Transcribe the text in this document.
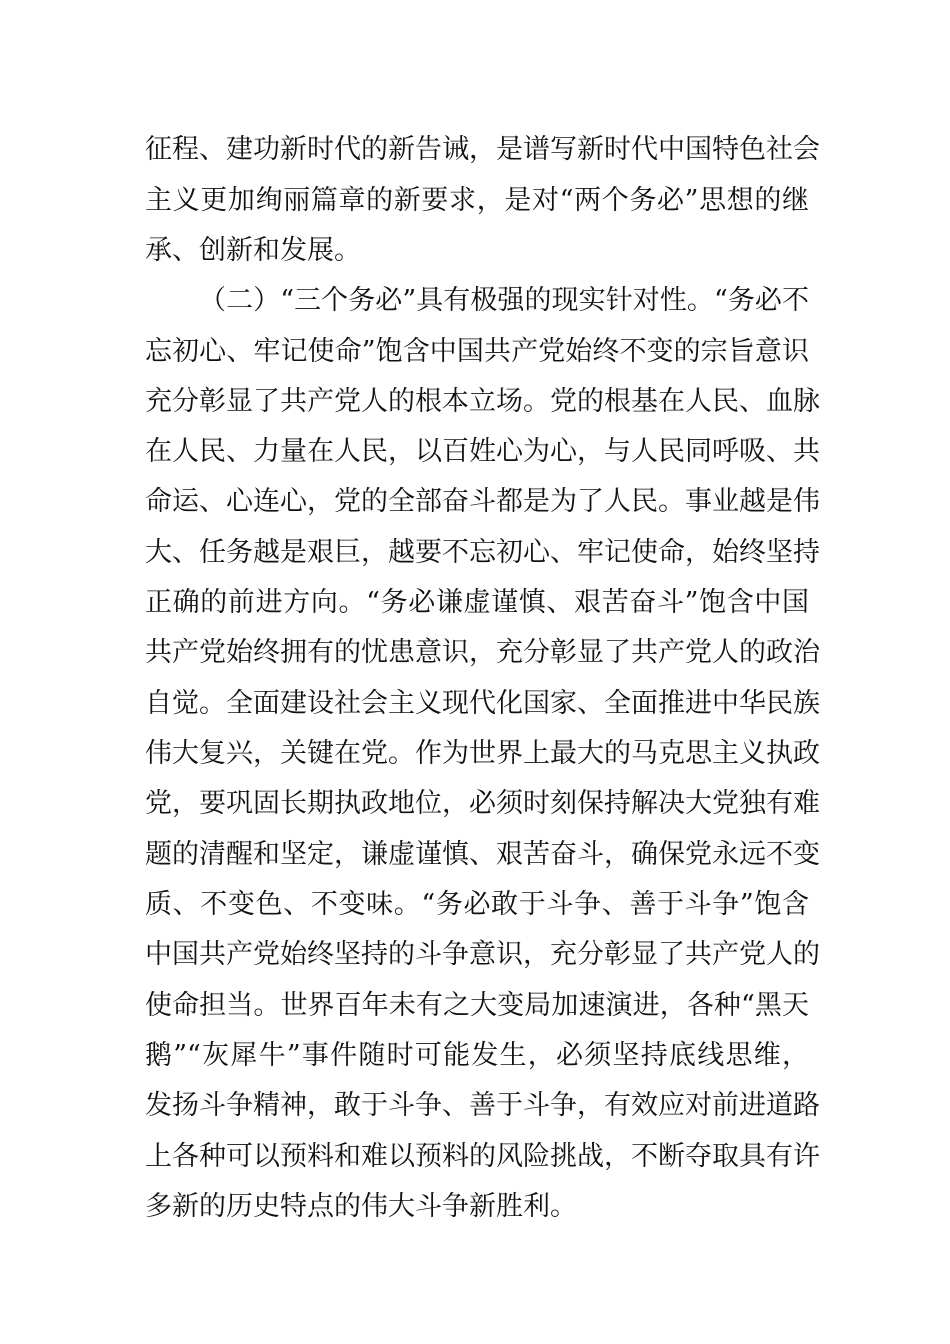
征程、建功新时代的新告诫，是谱写新时代中国特色社会
主义更加绚丽篇章的新要求，是对“两个务必”思想的继
承、创新和发展。
（二）“三个务必”具有极强的现实针对性。“务必不
忘初心、牢记使命”饱含中国共产党始终不变的宗旨意识
充分彰显了共产党人的根本立场。党的根基在人民、血脉
在人民、力量在人民，以百姓心为心，与人民同呼吸、共
命运、心连心，党的全部奋斗都是为了人民。事业越是伟
大、任务越是艰巨，越要不忘初心、牢记使命，始终坚持
正确的前进方向。“务必谦虚谨慎、艰苦奋斗”饱含中国
共产党始终拥有的忧患意识，充分彰显了共产党人的政治
自觉。全面建设社会主义现代化国家、全面推进中华民族
伟大复兴，关键在党。作为世界上最大的马克思主义执政
党，要巩固长期执政地位，必须时刻保持解决大党独有难
题的清醒和坚定，谦虚谨慎、艰苦奋斗，确保党永远不变
质、不变色、不变味。“务必敢于斗争、善于斗争”饱含
中国共产党始终坚持的斗争意识，充分彰显了共产党人的
使命担当。世界百年未有之大变局加速演进，各种“黑天
鹅”“灰犀牛”事件随时可能发生，必须坚持底线思维，
发扬斗争精神，敢于斗争、善于斗争，有效应对前进道路
上各种可以预料和难以预料的风险挑战，不断夺取具有许
多新的历史特点的伟大斗争新胜利。
